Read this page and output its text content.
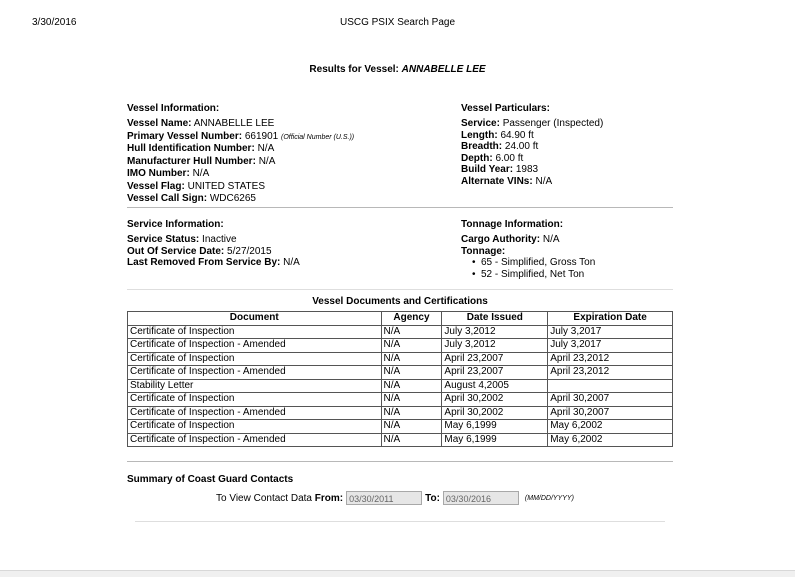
3/30/2016	USCG PSIX Search Page
Results for Vessel: ANNABELLE LEE
Vessel Information:
Vessel Name: ANNABELLE LEE
Primary Vessel Number: 661901 (Official Number (U.S.))
Hull Identification Number: N/A
Manufacturer Hull Number: N/A
IMO Number: N/A
Vessel Flag: UNITED STATES
Vessel Call Sign: WDC6265
Vessel Particulars:
Service: Passenger (Inspected)
Length: 64.90 ft
Breadth: 24.00 ft
Depth: 6.00 ft
Build Year: 1983
Alternate VINs: N/A
Service Information:
Service Status: Inactive
Out Of Service Date: 5/27/2015
Last Removed From Service By: N/A
Tonnage Information:
Cargo Authority: N/A
Tonnage:
• 65 - Simplified, Gross Ton
• 52 - Simplified, Net Ton
Vessel Documents and Certifications
Document	Agency	Date Issued	Expiration Date
Certificate of Inspection	N/A	July 3,2012	July 3,2017
Certificate of Inspection - Amended	N/A	July 3,2012	July 3,2017
Certificate of Inspection	N/A	April 23,2007	April 23,2012
Certificate of Inspection - Amended	N/A	April 23,2007	April 23,2012
Stability Letter	N/A	August 4,2005	
Certificate of Inspection	N/A	April 30,2002	April 30,2007
Certificate of Inspection - Amended	N/A	April 30,2002	April 30,2007
Certificate of Inspection	N/A	May 6,1999	May 6,2002
Certificate of Inspection - Amended	N/A	May 6,1999	May 6,2002
Summary of Coast Guard Contacts
To View Contact Data From: 03/30/2011	To: 03/30/2016	(MM/DD/YYYY)
